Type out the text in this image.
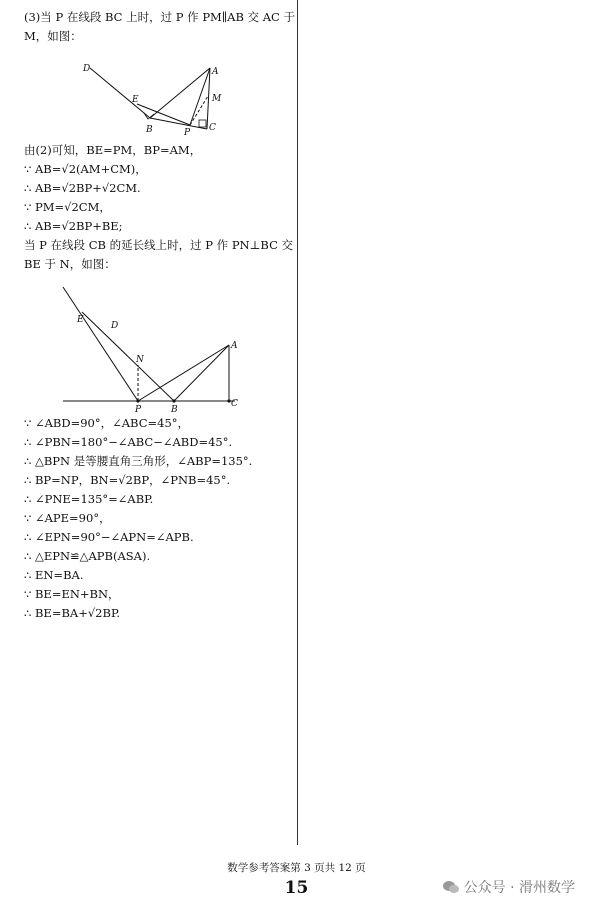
(3)当 P 在线段 BC 上时，过 P 作 PM∥AB 交 AC 于
M，如图：
D
E
A
M
B	P C
由(2)可知，BE=PM，BP=AM，
∵ AB=√2(AM+CM)，
∴ AB=√2BP+√2CM.
∵ PM=√2CM，
∴ AB=√2BP+BE;
当 P 在线段 CB 的延长线上时，过 P 作 PN⊥BC 交
BE 于 N，如图：
E
D
N
A
P	B
C
∵ ∠ABD=90°，∠ABC=45°，
∴ ∠PBN=180°−∠ABC−∠ABD=45°.
∴ △BPN 是等腰直角三角形，∠ABP=135°.
∴ BP=NP，BN=√2BP，∠PNB=45°.
∴ ∠PNE=135°=∠ABP.
∵ ∠APE=90°，
∴ ∠EPN=90°−∠APN=∠APB.
∴ △EPN≌△APB(ASA).
∴ EN=BA.
∵ BE=EN+BN，
∴ BE=BA+√2BP.
数学参考答案第 3 页共 12 页
15	公众号 · 滑州数学
